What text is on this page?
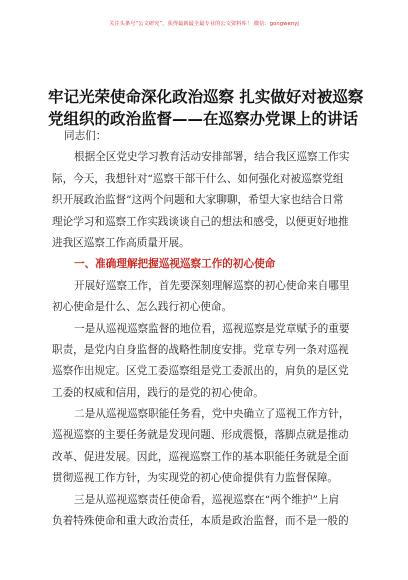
关注头条号“公文研究”，获得最新最全最专业的公文资料库！ 微信：gongwenyj
牢记光荣使命深化政治巡察 扎实做好对被巡察
党组织的政治监督——在巡察办党课上的讲话
同志们：
根据全区党史学习教育活动安排部署，结合我区巡察工作实
际，今天，我想针对“巡察干部干什么、如何强化对被巡察党组
织开展政治监督”这两个问题和大家聊聊，希望大家也结合日常
理论学习和巡察工作实践谈谈自己的想法和感受，以便更好地推
进我区巡察工作高质量开展。
一、准确理解把握巡视巡察工作的初心使命
开展好巡察工作，首先要深刻理解巡察的初心使命来自哪里
初心使命是什么、怎么践行初心使命。
一是从巡视巡察监督的地位看，巡视巡察是党章赋予的重要
职责，是党内自身监督的战略性制度安排。党章专列一条对巡视
巡察作出规定。区党工委巡察组是党工委派出的，肩负的是区党
工委的权威和信用，践行的是党的初心使命。
二是从巡视巡察职能任务看，党中央确立了巡视工作方针，
巡视巡察的主要任务就是发现问题、形成震慑，落脚点就是推动
改革、促进发展。因此，巡视巡察工作的基本职能任务就是全面
贯彻巡视工作方针，为实现党的初心使命提供有力监督保障。
三是从巡视巡察责任使命看，巡视巡察在“两个维护”上肩
负着特殊使命和重大政治责任，本质是政治监督，而不是一般的
